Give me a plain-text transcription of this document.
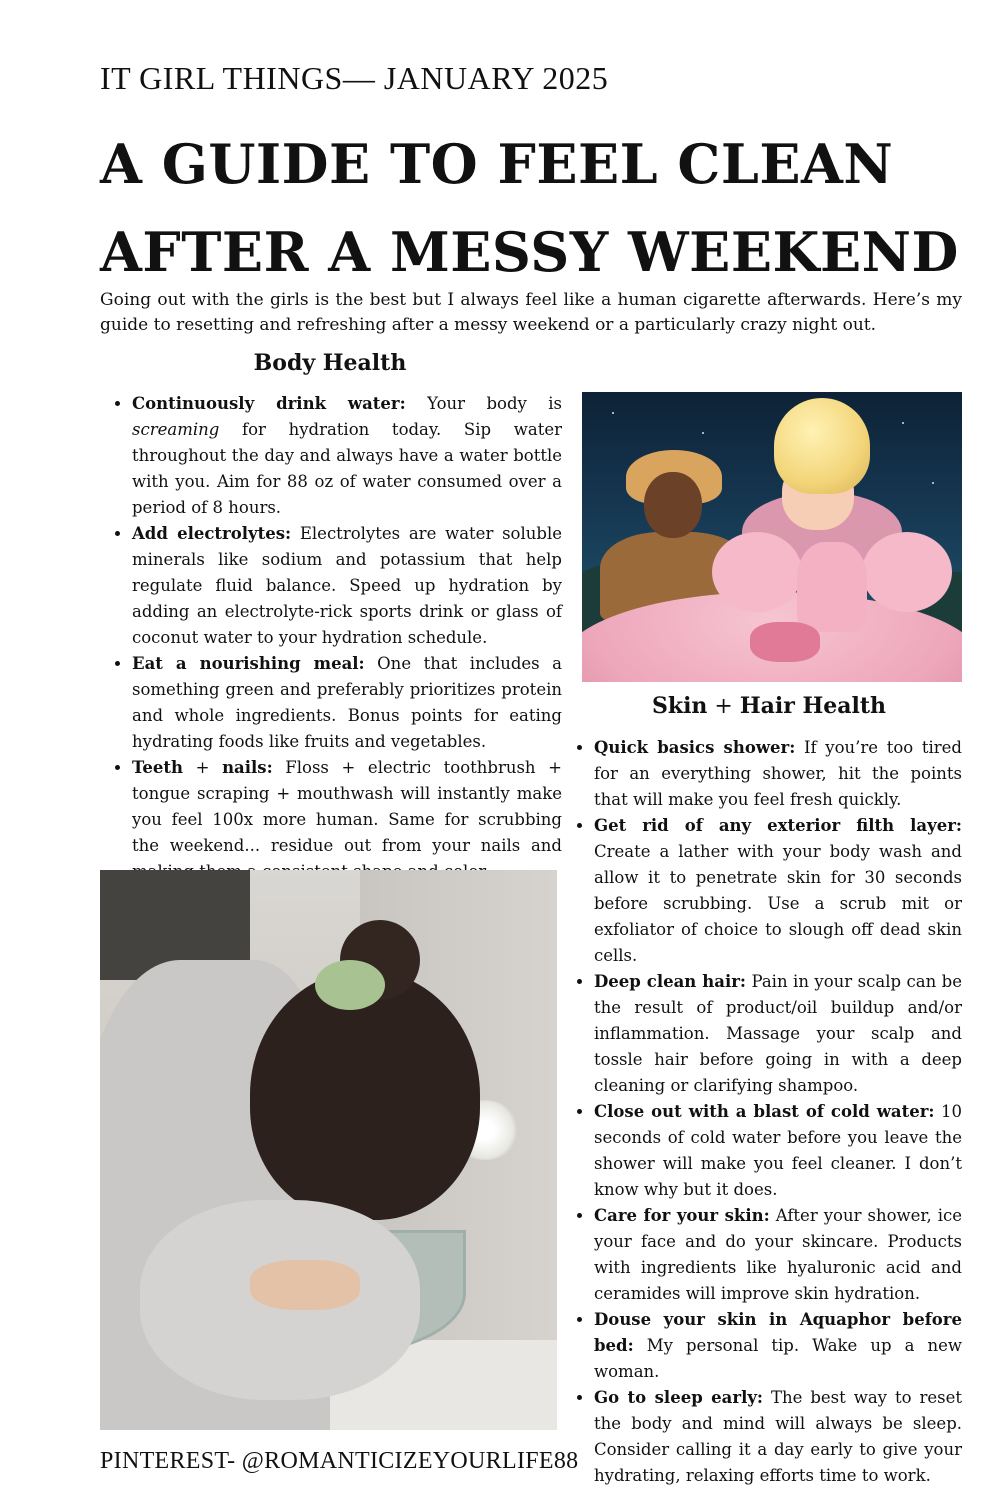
IT GIRL THINGS— JANUARY 2025
A GUIDE TO FEEL CLEAN
AFTER A MESSY WEEKEND
Going out with the girls is the best but I always feel like a human cigarette afterwards. Here’s my guide to resetting and refreshing after a messy weekend or a particularly crazy night out.
Body Health
• Continuously drink water: Your body is screaming for hydration today. Sip water throughout the day and always have a water bottle with you. Aim for 88 oz of water consumed over a period of 8 hours.
• Add electrolytes: Electrolytes are water soluble minerals like sodium and potassium that help regulate fluid balance. Speed up hydration by adding an electrolyte-rick sports drink or glass of coconut water to your hydration schedule.
• Eat a nourishing meal: One that includes a something green and preferably prioritizes protein and whole ingredients. Bonus points for eating hydrating foods like fruits and vegetables.
• Teeth + nails: Floss + electric toothbrush + tongue scraping + mouthwash will instantly make you feel 100x more human. Same for scrubbing the weekend... residue out from your nails and
Skin + Hair Health
• Quick basics shower: If you’re too tired for an everything shower, hit the points that will make you feel fresh quickly.
• Get rid of any exterior filth layer: Create a lather with your body wash and allow it to penetrate skin for 30 seconds before scrubbing. Use a scrub mit or exfoliator of choice to slough off dead skin cells.
• Deep clean hair: Pain in your scalp can be the result of product/oil buildup and/or inflammation. Massage your scalp and tossle hair before going in with a deep cleaning or clarifying shampoo.
• Close out with a blast of cold water: 10 seconds of cold water before you leave the shower will make you feel cleaner. I don’t know why but it does.
• Care for your skin: After your shower, ice your face and do your skincare. Products with ingredients like hyaluronic acid and ceramides will improve skin hydration.
• Douse your skin in Aquaphor before bed: My personal tip. Wake up a new woman.
• Go to sleep early: The best way to reset the body and mind will always be sleep. Consider calling it a day early to give your hydrating, relaxing efforts time to work.
PINTEREST- @ROMANTICIZEYOURLIFE88
